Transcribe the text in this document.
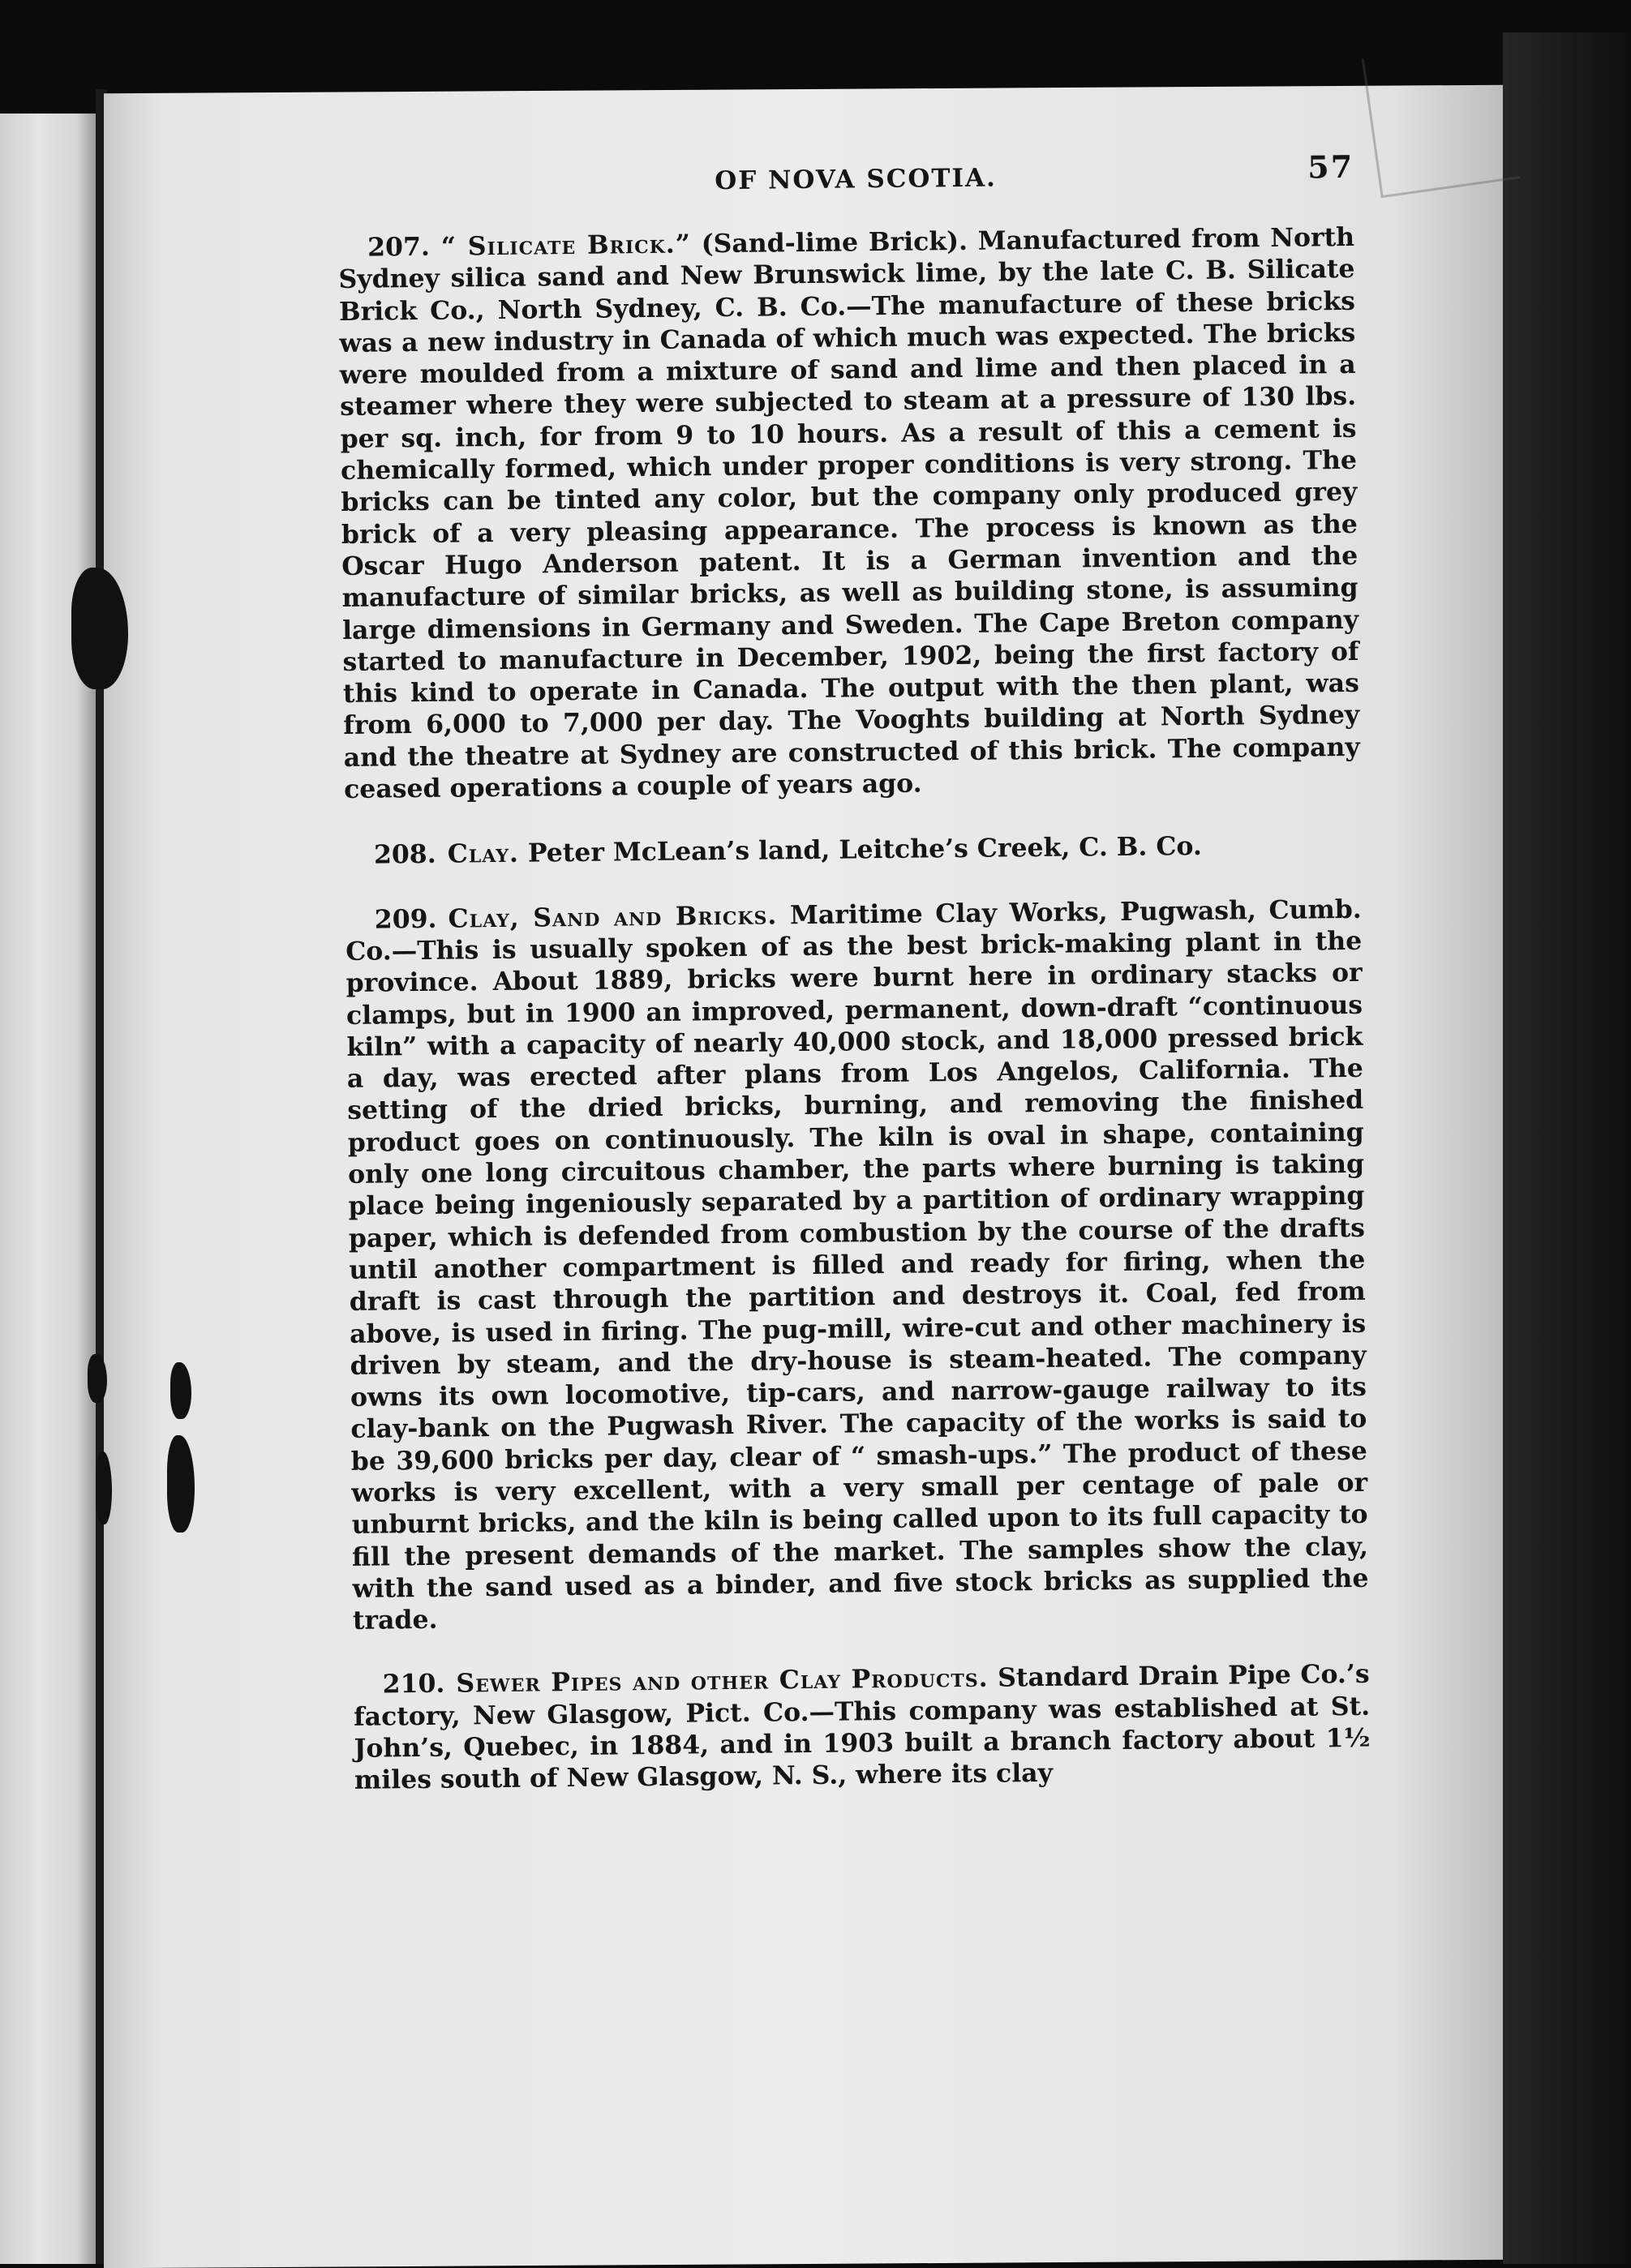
OF NOVA SCOTIA.	57

207. “ Silicate Brick.” (Sand-lime Brick). Manufactured from North Sydney silica sand and New Brunswick lime, by the late C. B. Silicate Brick Co., North Sydney, C. B. Co.—The manufacture of these bricks was a new industry in Canada of which much was expected. The bricks were moulded from a mixture of sand and lime and then placed in a steamer where they were subjected to steam at a pressure of 130 lbs. per sq. inch, for from 9 to 10 hours. As a result of this a cement is chemically formed, which under proper conditions is very strong. The bricks can be tinted any color, but the company only produced grey brick of a very pleasing appearance. The process is known as the Oscar Hugo Anderson patent. It is a German invention and the manufacture of similar bricks, as well as building stone, is assuming large dimensions in Germany and Sweden. The Cape Breton company started to manufacture in December, 1902, being the first factory of this kind to operate in Canada. The output with the then plant, was from 6,000 to 7,000 per day. The Vooghts building at North Sydney and the theatre at Sydney are constructed of this brick. The company ceased operations a couple of years ago.

208. Clay. Peter McLean’s land, Leitche’s Creek, C. B. Co.

209. Clay, Sand and Bricks. Maritime Clay Works, Pugwash, Cumb. Co.—This is usually spoken of as the best brick-making plant in the province. About 1889, bricks were burnt here in ordinary stacks or clamps, but in 1900 an improved, permanent, down-draft “continuous kiln” with a capacity of nearly 40,000 stock, and 18,000 pressed brick a day, was erected after plans from Los Angelos, California. The setting of the dried bricks, burning, and removing the finished product goes on continuously. The kiln is oval in shape, containing only one long circuitous chamber, the parts where burning is taking place being ingeniously separated by a partition of ordinary wrapping paper, which is defended from combustion by the course of the drafts until another compartment is filled and ready for firing, when the draft is cast through the partition and destroys it. Coal, fed from above, is used in firing. The pug-mill, wire-cut and other machinery is driven by steam, and the dry-house is steam-heated. The company owns its own locomotive, tip-cars, and narrow-gauge railway to its clay-bank on the Pugwash River. The capacity of the works is said to be 39,600 bricks per day, clear of “ smash-ups.” The product of these works is very excellent, with a very small per centage of pale or unburnt bricks, and the kiln is being called upon to its full capacity to fill the present demands of the market. The samples show the clay, with the sand used as a binder, and five stock bricks as supplied the trade.

210. Sewer Pipes and other Clay Products. Standard Drain Pipe Co.’s factory, New Glasgow, Pict. Co.—This company was established at St. John’s, Quebec, in 1884, and in 1903 built a branch factory about 1½ miles south of New Glasgow, N. S., where its clay
